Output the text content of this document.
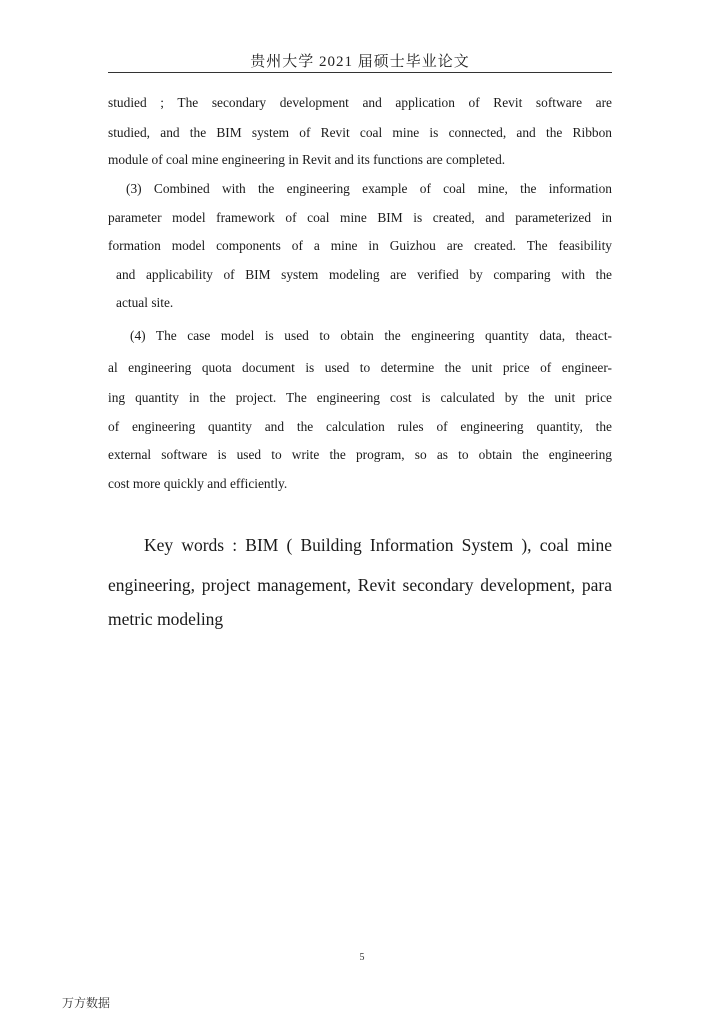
贵州大学 2021 届硕士毕业论文
studied ; The secondary development and application of Revit software are
studied, and the BIM system of Revit coal mine is connected, and the Ribbon
module of coal mine engineering in Revit and its functions are completed.
(3) Combined with the engineering example of coal mine, the information
parameter model framework of coal mine BIM is created, and parameterized in
formation model components of a mine in Guizhou are created. The feasibility
and applicability of BIM system modeling are verified by comparing with the
actual site.
(4) The case model is used to obtain the engineering quantity data, theact-
al engineering quota document is used to determine the unit price of engineer-
ing quantity in the project. The engineering cost is calculated by the unit price
of engineering quantity and the calculation rules of engineering quantity, the
external software is used to write the program, so as to obtain the engineering
cost more quickly and efficiently.
Key words : BIM ( Building Information System ), coal mine
engineering, project management, Revit secondary development, para
metric modeling
5
万方数据
